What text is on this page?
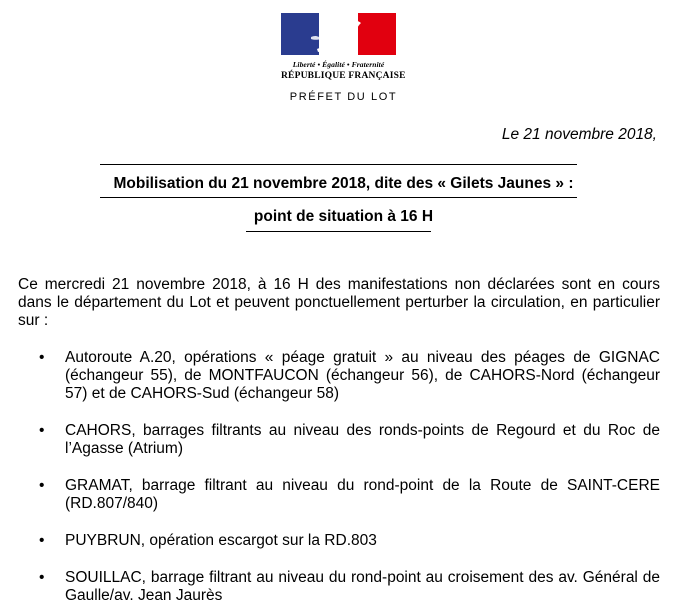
Liberté • Égalité • Fraternité
RÉPUBLIQUE FRANÇAISE
PRÉFET DU LOT
Le 21 novembre 2018,
Mobilisation du 21 novembre 2018, dite des « Gilets Jaunes » :
point de situation à 16 H
Ce mercredi 21 novembre 2018, à 16 H des manifestations non déclarées sont en cours dans le département du Lot et peuvent ponctuellement perturber la circulation, en particulier sur :
• Autoroute A.20, opérations « péage gratuit » au niveau des péages de GIGNAC (échangeur 55), de MONTFAUCON (échangeur 56), de CAHORS-Nord (échangeur 57) et de CAHORS-Sud (échangeur 58)
• CAHORS, barrages filtrants au niveau des ronds-points de Regourd et du Roc de l’Agasse (Atrium)
• GRAMAT, barrage filtrant au niveau du rond-point de la Route de SAINT-CERE (RD.807/840)
• PUYBRUN, opération escargot sur la RD.803
• SOUILLAC, barrage filtrant au niveau du rond-point au croisement des av. Général de Gaulle/av. Jean Jaurès
